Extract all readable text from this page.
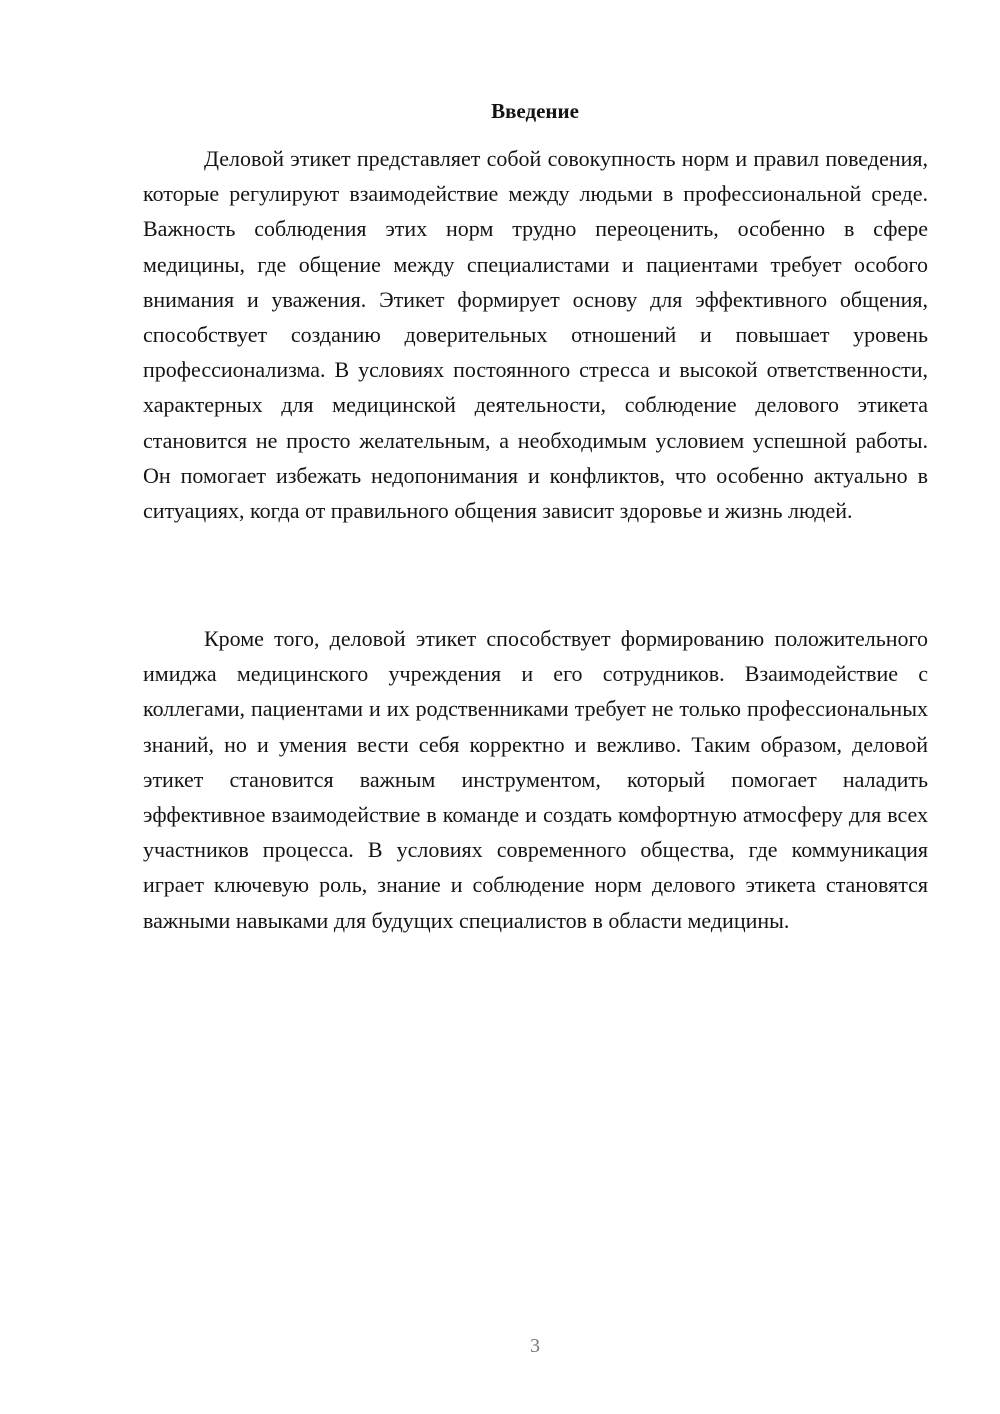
Введение

Деловой этикет представляет собой совокупность норм и правил поведения, которые регулируют взаимодействие между людьми в профессиональной среде. Важность соблюдения этих норм трудно переоценить, особенно в сфере медицины, где общение между специалистами и пациентами требует особого внимания и уважения. Этикет формирует основу для эффективного общения, способствует созданию доверительных отношений и повышает уровень профессионализма. В условиях постоянного стресса и высокой ответственности, характерных для медицинской деятельности, соблюдение делового этикета становится не просто желательным, а необходимым условием успешной работы. Он помогает избежать недопонимания и конфликтов, что особенно актуально в ситуациях, когда от правильного общения зависит здоровье и жизнь людей.

Кроме того, деловой этикет способствует формированию положительного имиджа медицинского учреждения и его сотрудников. Взаимодействие с коллегами, пациентами и их родственниками требует не только профессиональных знаний, но и умения вести себя корректно и вежливо. Таким образом, деловой этикет становится важным инструментом, который помогает наладить эффективное взаимодействие в команде и создать комфортную атмосферу для всех участников процесса. В условиях современного общества, где коммуникация играет ключевую роль, знание и соблюдение норм делового этикета становятся важными навыками для будущих специалистов в области медицины.

3
